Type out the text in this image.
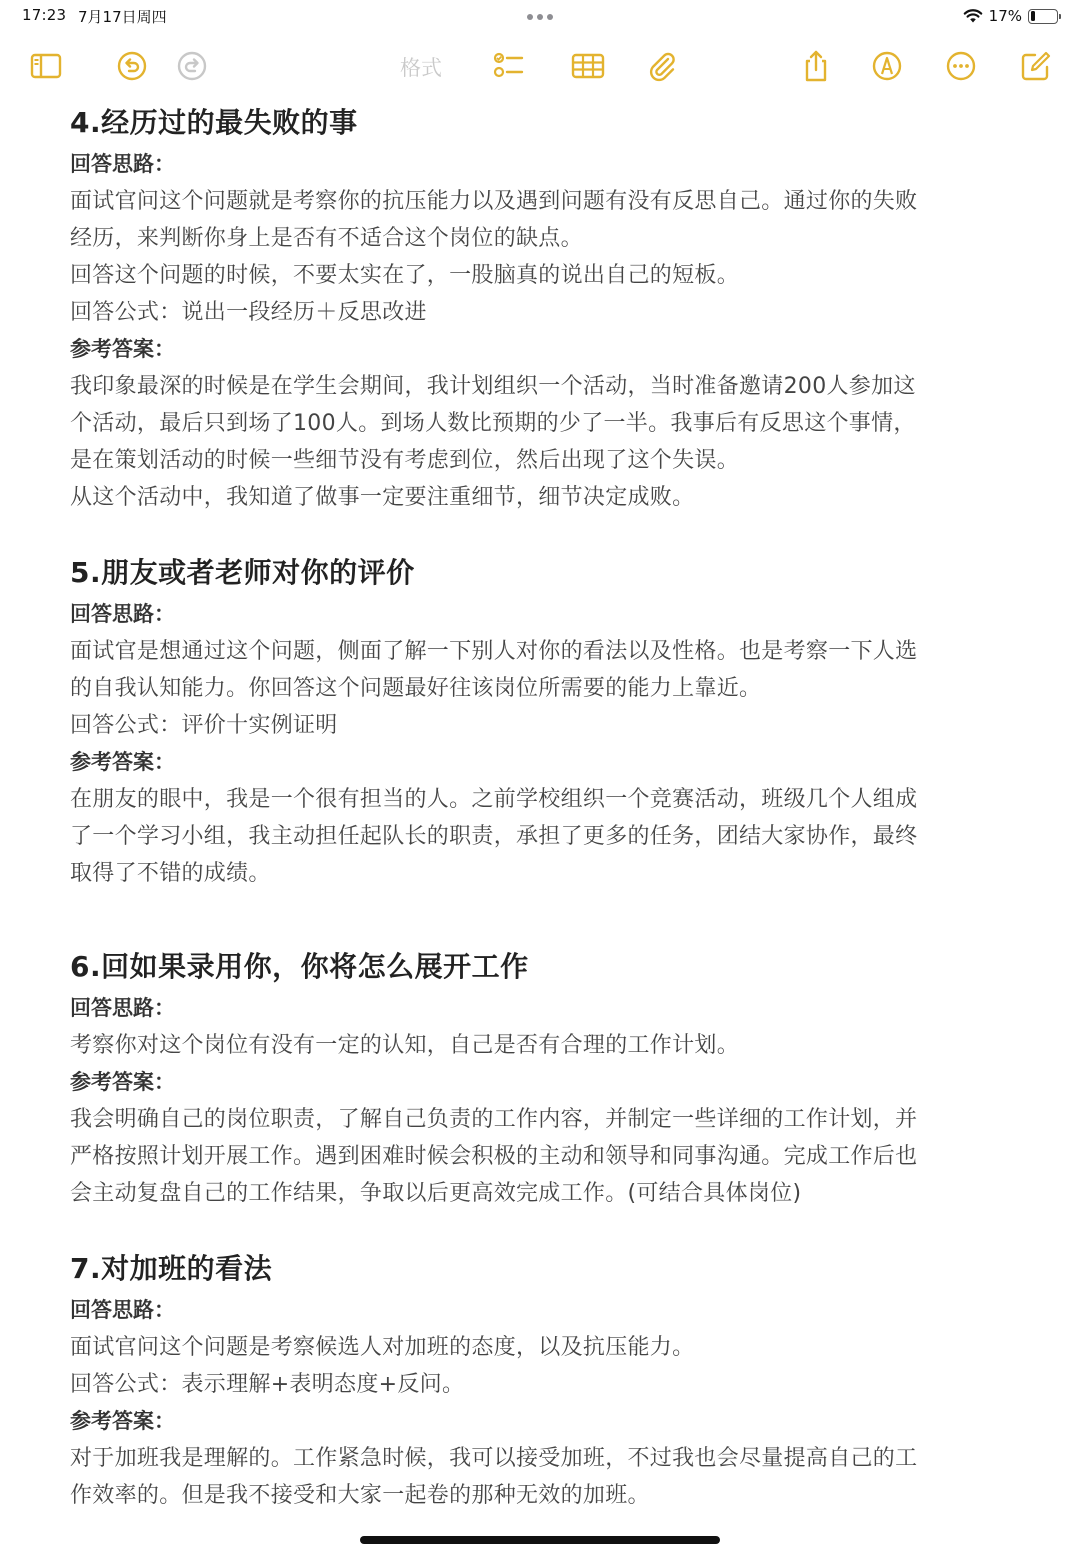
17:23 7月17日周四	17%
格式
4.经历过的最失败的事
回答思路：
面试官问这个问题就是考察你的抗压能力以及遇到问题有没有反思自己。通过你的失败
经历，来判断你身上是否有不适合这个岗位的缺点。
回答这个问题的时候，不要太实在了，一股脑真的说出自己的短板。
回答公式：说出一段经历＋反思改进
参考答案：
我印象最深的时候是在学生会期间，我计划组织一个活动，当时准备邀请200人参加这
个活动，最后只到场了100人。到场人数比预期的少了一半。我事后有反思这个事情，
是在策划活动的时候一些细节没有考虑到位，然后出现了这个失误。
从这个活动中，我知道了做事一定要注重细节，细节决定成败。
5.朋友或者老师对你的评价
回答思路：
面试官是想通过这个问题，侧面了解一下别人对你的看法以及性格。也是考察一下人选
的自我认知能力。你回答这个问题最好往该岗位所需要的能力上靠近。
回答公式：评价十实例证明
参考答案：
在朋友的眼中，我是一个很有担当的人。之前学校组织一个竞赛活动，班级几个人组成
了一个学习小组，我主动担任起队长的职责，承担了更多的任务，团结大家协作，最终
取得了不错的成绩。
6.回如果录用你，你将怎么展开工作
回答思路：
考察你对这个岗位有没有一定的认知，自己是否有合理的工作计划。
参考答案：
我会明确自己的岗位职责，了解自己负责的工作内容，并制定一些详细的工作计划，并
严格按照计划开展工作。遇到困难时候会积极的主动和领导和同事沟通。完成工作后也
会主动复盘自己的工作结果，争取以后更高效完成工作。(可结合具体岗位)
7.对加班的看法
回答思路：
面试官问这个问题是考察候选人对加班的态度，以及抗压能力。
回答公式：表示理解+表明态度+反问。
参考答案：
对于加班我是理解的。工作紧急时候，我可以接受加班，不过我也会尽量提高自己的工
作效率的。但是我不接受和大家一起卷的那种无效的加班。
